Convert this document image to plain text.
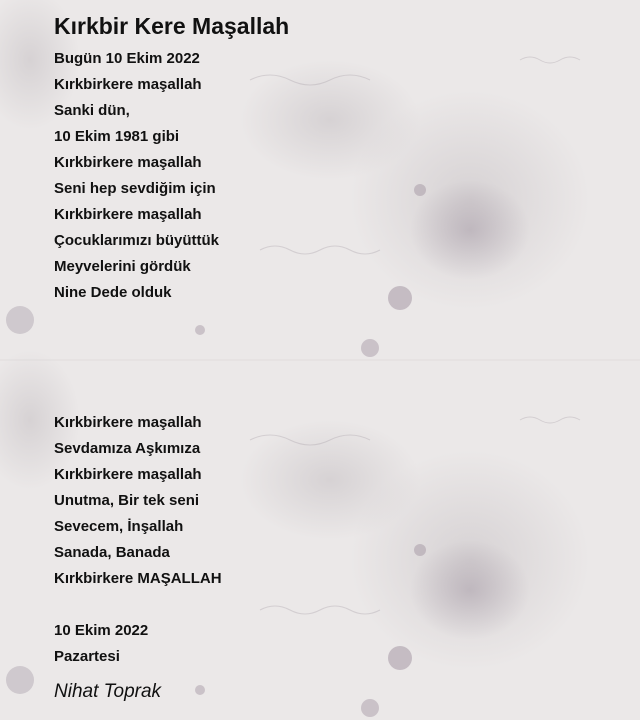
Kırkbir Kere Maşallah
Bugün 10 Ekim 2022
Kırkbirkere maşallah
Sanki dün,
10 Ekim 1981 gibi
Kırkbirkere maşallah
Seni hep sevdiğim için
Kırkbirkere maşallah
Çocuklarımızı büyüttük
Meyvelerini gördük
Nine Dede olduk
Kırkbirkere maşallah
Sevdamıza Aşkımıza
Kırkbirkere maşallah
Unutma, Bir tek seni
Sevecem, İnşallah
Sanada, Banada
Kırkbirkere MAŞALLAH
10 Ekim 2022
Pazartesi
Nihat Toprak
